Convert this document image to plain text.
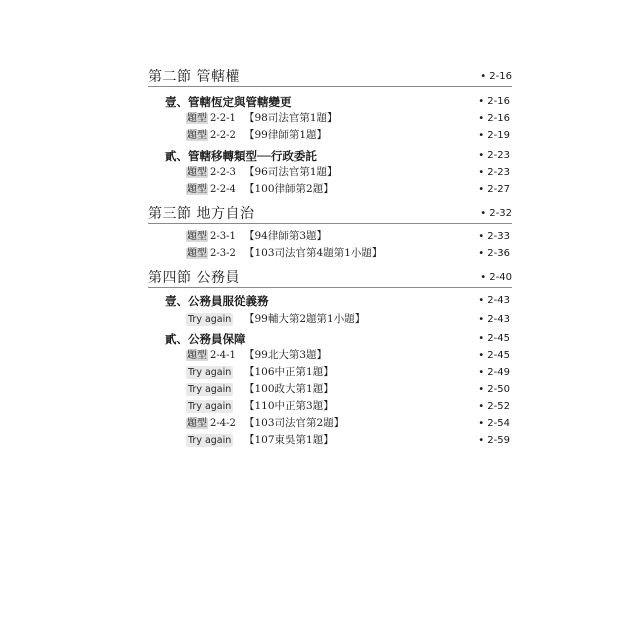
第二節 管轄權	• 2-16
壹、管轄恆定與管轄變更	• 2-16
題型 2-2-1 【98司法官第1題】	• 2-16
題型 2-2-2 【99律師第1題】	• 2-19
貳、管轄移轉類型──行政委託	• 2-23
題型 2-2-3 【96司法官第1題】	• 2-23
題型 2-2-4 【100律師第2題】	• 2-27
第三節 地方自治	• 2-32
題型 2-3-1 【94律師第3題】	• 2-33
題型 2-3-2 【103司法官第4題第1小題】	• 2-36
第四節 公務員	• 2-40
壹、公務員服從義務	• 2-43
Try again 【99輔大第2題第1小題】	• 2-43
貳、公務員保障	• 2-45
題型 2-4-1 【99北大第3題】	• 2-45
Try again 【106中正第1題】	• 2-49
Try again 【100政大第1題】	• 2-50
Try again 【110中正第3題】	• 2-52
題型 2-4-2 【103司法官第2題】	• 2-54
Try again 【107東吳第1題】	• 2-59
